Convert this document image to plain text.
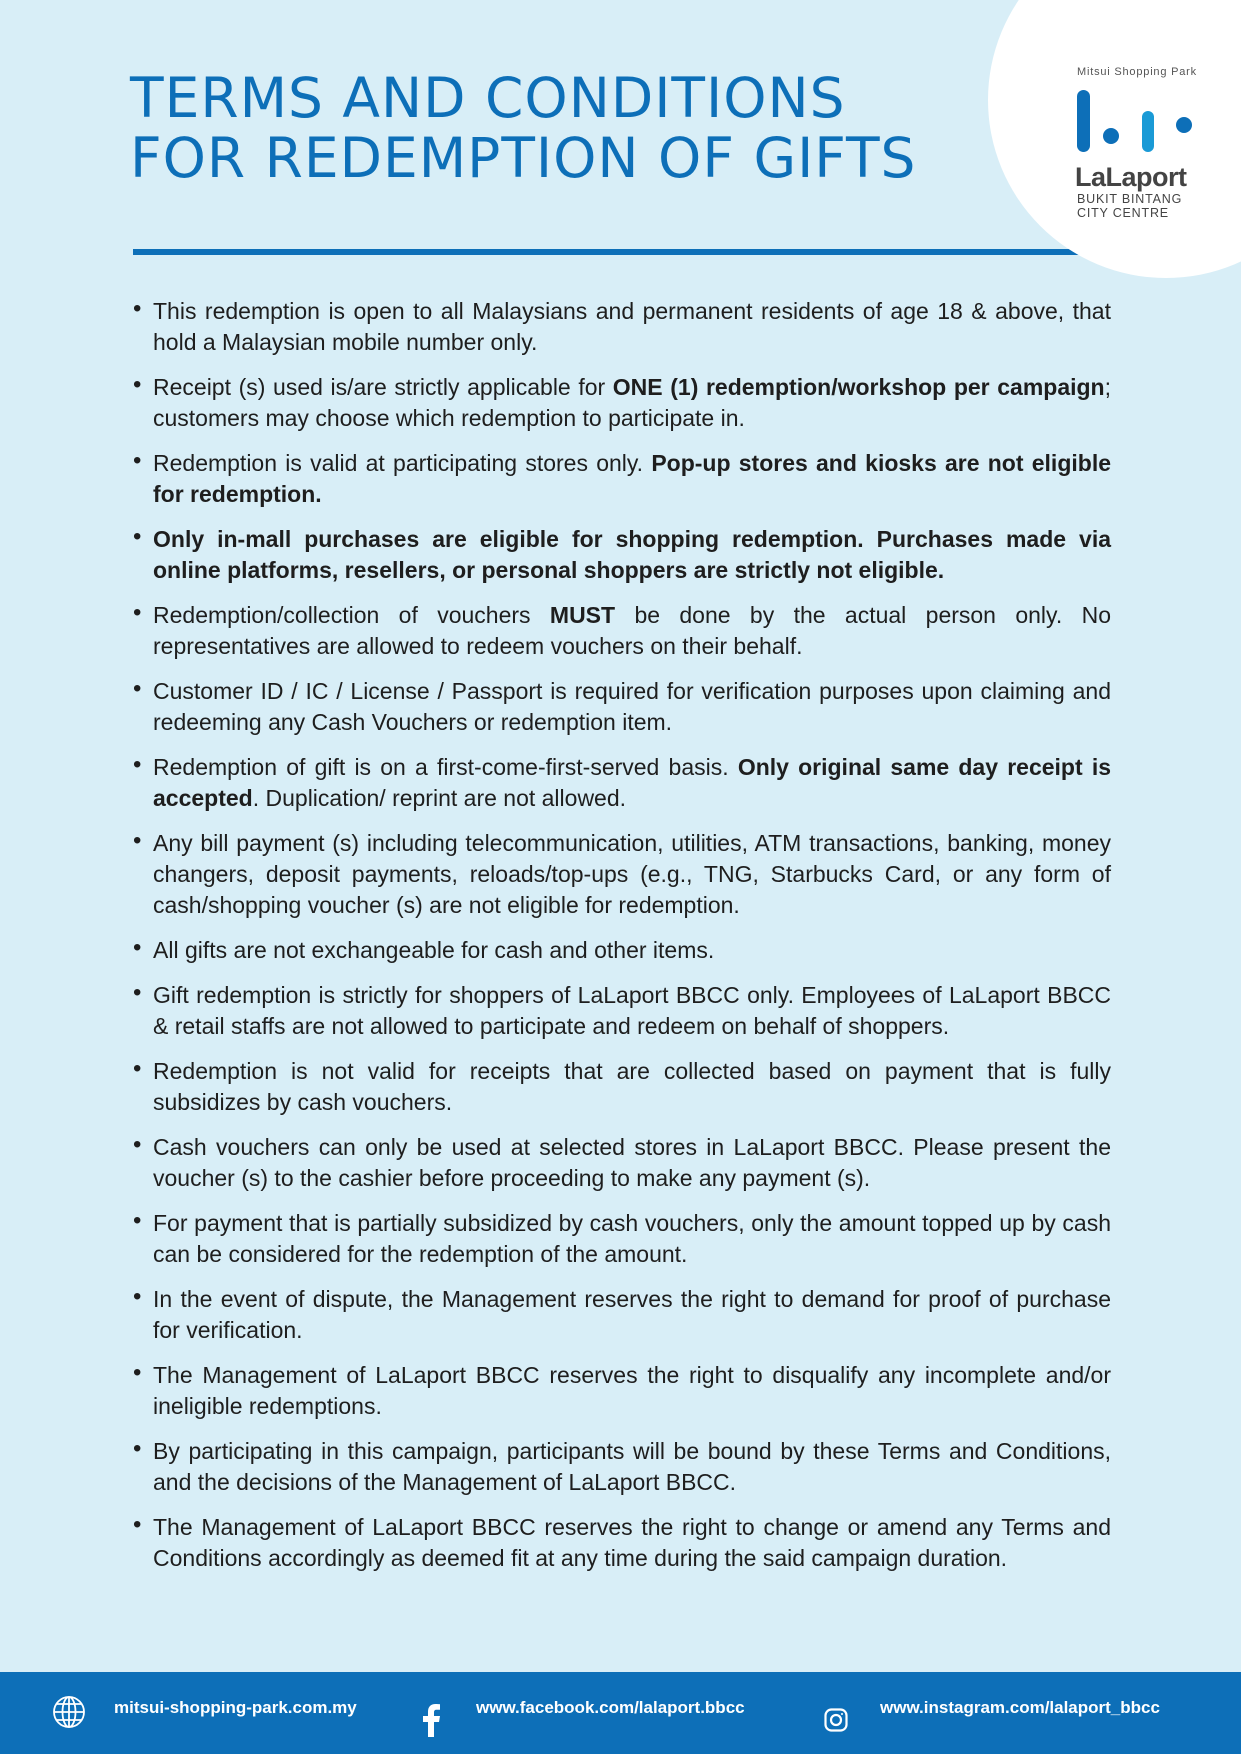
TERMS AND CONDITIONS
FOR REDEMPTION OF GIFTS
Mitsui Shopping Park
LaLaport
BUKIT BINTANG
CITY CENTRE
• This redemption is open to all Malaysians and permanent residents of age 18 & above, that hold a Malaysian mobile number only.
• Receipt (s) used is/are strictly applicable for ONE (1) redemption/workshop per campaign; customers may choose which redemption to participate in.
• Redemption is valid at participating stores only. Pop-up stores and kiosks are not eligible for redemption.
• Only in-mall purchases are eligible for shopping redemption. Purchases made via online platforms, resellers, or personal shoppers are strictly not eligible.
• Redemption/collection of vouchers MUST be done by the actual person only. No representatives are allowed to redeem vouchers on their behalf.
• Customer ID / IC / License / Passport is required for verification purposes upon claiming and redeeming any Cash Vouchers or redemption item.
• Redemption of gift is on a first-come-first-served basis. Only original same day receipt is accepted. Duplication/ reprint are not allowed.
• Any bill payment (s) including telecommunication, utilities, ATM transactions, banking, money changers, deposit payments, reloads/top-ups (e.g., TNG, Starbucks Card, or any form of cash/shopping voucher (s) are not eligible for redemption.
• All gifts are not exchangeable for cash and other items.
• Gift redemption is strictly for shoppers of LaLaport BBCC only. Employees of LaLaport BBCC & retail staffs are not allowed to participate and redeem on behalf of shoppers.
• Redemption is not valid for receipts that are collected based on payment that is fully subsidizes by cash vouchers.
• Cash vouchers can only be used at selected stores in LaLaport BBCC. Please present the voucher (s) to the cashier before proceeding to make any payment (s).
• For payment that is partially subsidized by cash vouchers, only the amount topped up by cash can be considered for the redemption of the amount.
• In the event of dispute, the Management reserves the right to demand for proof of purchase for verification.
• The Management of LaLaport BBCC reserves the right to disqualify any incomplete and/or ineligible redemptions.
• By participating in this campaign, participants will be bound by these Terms and Conditions, and the decisions of the Management of LaLaport BBCC.
• The Management of LaLaport BBCC reserves the right to change or amend any Terms and Conditions accordingly as deemed fit at any time during the said campaign duration.
mitsui-shopping-park.com.my	www.facebook.com/lalaport.bbcc	www.instagram.com/lalaport_bbcc
